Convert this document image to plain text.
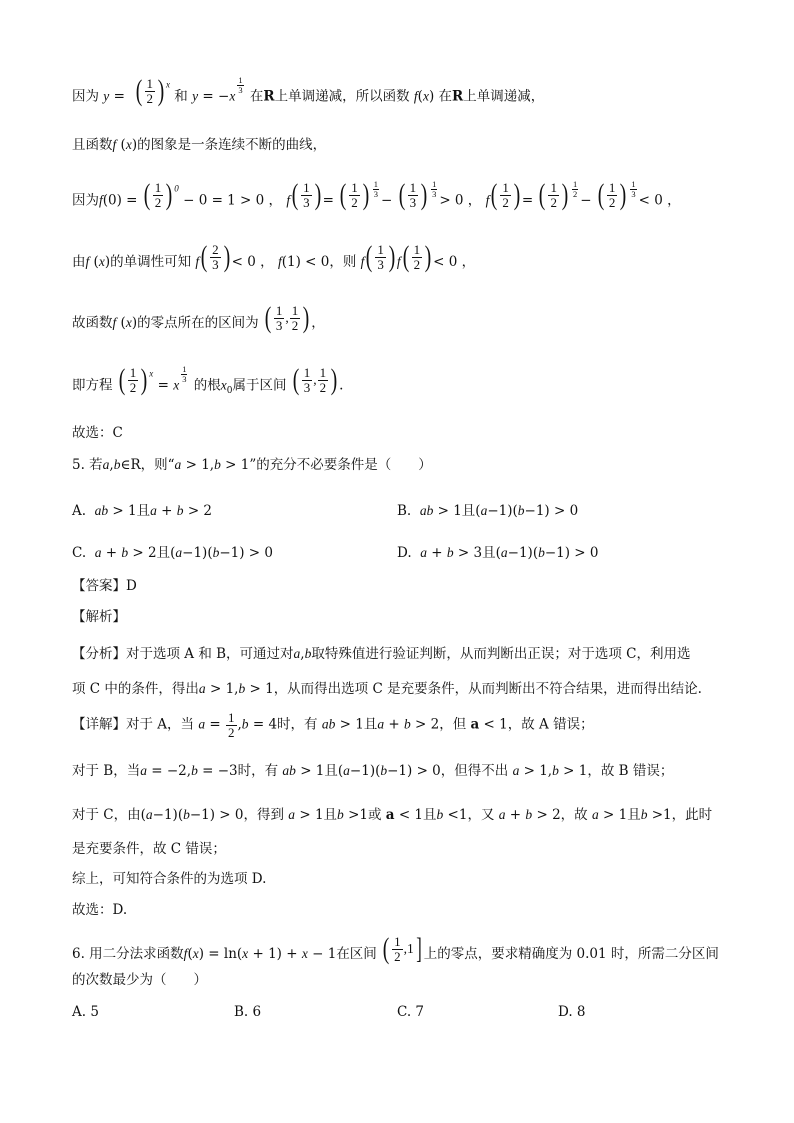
因为 y = ( $\frac{1}{2}$ ) $^x$ 和 y = −x
$^{\frac{1}{3}}$
在R上单调递减，所以函数 f(x) 在R上单调递减，
且函数f (x)的图象是一条连续不断的曲线，
因为f(0) = ( $\frac{1}{2}$ ) $^0$ − 0 = 1 > 0 ， f ( $\frac{1}{3}$ ) = ( $\frac{1}{2}$ ) $^{\frac{1}{3}}$
− ( $\frac{1}{3}$ ) $^{\frac{1}{3}}$
> 0 ， f ( $\frac{1}{2}$ ) = ( $\frac{1}{2}$ ) $^{\frac{1}{2}}$
− ( $\frac{1}{2}$ ) $^{\frac{1}{3}}$
< 0 ，
由f (x)的单调性可知 f ( $\frac{2}{3}$ ) < 0 ， f(1) < 0，则 f ( $\frac{1}{3}$ ) f ( $\frac{1}{2}$ ) < 0 ，
故函数f (x)的零点所在的区间为 ( $\frac{1}{3}$ , $\frac{1}{2}$ ) ，
即方程 ( $\frac{1}{2}$ ) $^x$ = x
$^{\frac{1}{3}}$
的根$x_0$属于区间 ( $\frac{1}{3}$ , $\frac{1}{2}$ ) .
故选：C
5. 若a,b∈R，则“a > 1,b > 1”的充分不必要条件是（　　）
A. ab > 1且a + b > 2	B. ab > 1且(a−1)(b−1) > 0
C. a + b > 2且(a−1)(b−1) > 0	D. a + b > 3且(a−1)(b−1) > 0
【答案】D
【解析】
【分析】对于选项 A 和 B，可通过对a,b取特殊值进行验证判断，从而判断出正误；对于选项 C，利用选
项 C 中的条件，得出a > 1,b > 1，从而得出选项 C 是充要条件，从而判断出不符合结果，进而得出结论.
【详解】对于 A，当 $a = \frac{1}{2} ,b = 4$时，有 ab > 1且a + b > 2，但 a < 1，故 A 错误；
对于 B，当a = −2,b = −3时，有 ab > 1且(a−1)(b−1) > 0，但得不出 a > 1,b > 1，故 B 错误；
对于 C，由(a−1)(b−1) > 0，得到 a > 1且b >1或 a < 1且b <1，又 a + b > 2，故 a > 1且b >1，此时
是充要条件，故 C 错误；
综上，可知符合条件的为选项 D.
故选：D.
6. 用二分法求函数f(x) = ln(x + 1) + x − 1在区间 ( $\frac{1}{2} ,1$ ] 上的零点，要求精确度为 0.01 时，所需二分区间
的次数最少为（　　）
A. 5	B. 6	C. 7	D. 8
